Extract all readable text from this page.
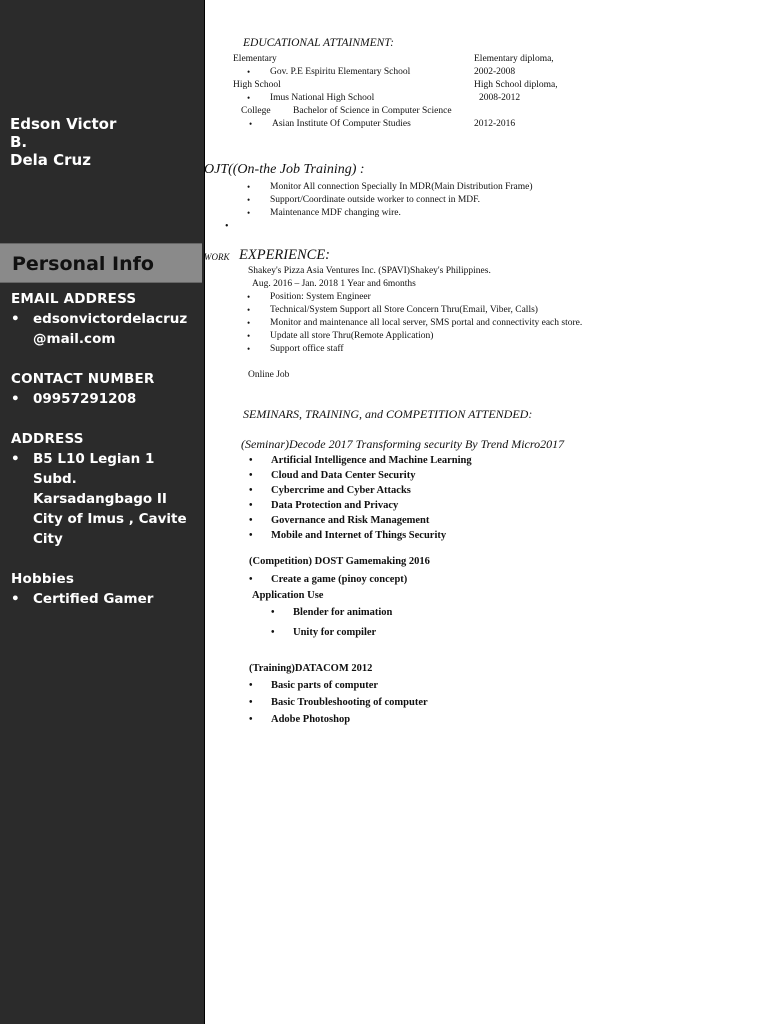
Edson Victor
B.
Dela Cruz
Personal Info
EMAIL ADDRESS
• edsonvictordelacruz
@mail.com
CONTACT NUMBER
• 09957291208
ADDRESS
• B5 L10 Legian 1
Subd.
Karsadangbago II
City of Imus , Cavite
City
Hobbies
• Certified Gamer
EDUCATIONAL ATTAINMENT:
Elementary	Elementary diploma,
• Gov. P.E Espiritu Elementary School	2002-2008
High School	High School diploma,
• Imus National High School	2008-2012
College Bachelor of Science in Computer Science
• Asian Institute Of Computer Studies	2012-2016
OJT((On-the Job Training) :
• Monitor All connection Specially In MDR(Main Distribution Frame)
• Support/Coordinate outside worker to connect in MDF.
• Maintenance MDF changing wire.
•
WORK EXPERIENCE:
Shakey's Pizza Asia Ventures Inc. (SPAVI)Shakey's Philippines.
Aug. 2016 – Jan. 2018 1 Year and 6months
• Position: System Engineer
• Technical/System Support all Store Concern Thru(Email, Viber, Calls)
• Monitor and maintenance all local server, SMS portal and connectivity each store.
• Update all store Thru(Remote Application)
• Support office staff
Online Job
SEMINARS, TRAINING, and COMPETITION ATTENDED:
(Seminar)Decode 2017 Transforming security By Trend Micro2017
• Artificial Intelligence and Machine Learning
• Cloud and Data Center Security
• Cybercrime and Cyber Attacks
• Data Protection and Privacy
• Governance and Risk Management
• Mobile and Internet of Things Security
(Competition) DOST Gamemaking 2016
• Create a game (pinoy concept)
Application Use
• Blender for animation
• Unity for compiler
(Training)DATACOM 2012
• Basic parts of computer
• Basic Troubleshooting of computer
• Adobe Photoshop
